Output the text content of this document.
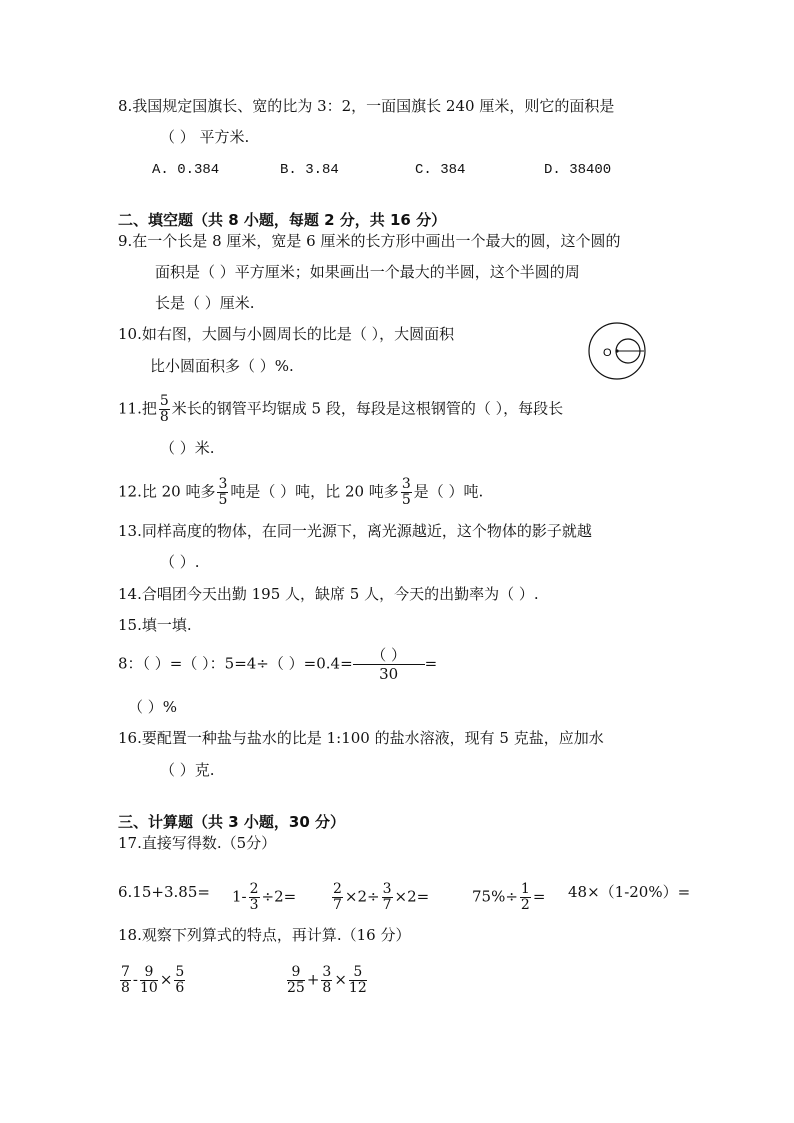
8.我国规定国旗长、宽的比为 3：2，一面国旗长 240 厘米，则它的面积是
（ ） 平方米.
A. 0.384	B. 3.84	C. 384	D. 38400
二、填空题（共 8 小题，每题 2 分，共 16 分）
9.在一个长是 8 厘米，宽是 6 厘米的长方形中画出一个最大的圆，这个圆的
面积是（ ）平方厘米；如果画出一个最大的半圆，这个半圆的周
长是（ ）厘米.
10.如右图，大圆与小圆周长的比是（ ），大圆面积
比小圆面积多（ ）%.
O
11.把 $\frac{5}{8}$ 米长的钢管平均锯成 5 段，每段是这根钢管的（ ），每段长
（ ）米.
12.比 20 吨多 $\frac{3}{5}$ 吨是（ ）吨，比 20 吨多 $\frac{3}{5}$ 是（ ）吨.
13.同样高度的物体，在同一光源下，离光源越近，这个物体的影子就越
（ ）.
14.合唱团今天出勤 195 人，缺席 5 人，今天的出勤率为（ ）.
15.填一填.
8：（ ）=（ ）：5=4÷（ ）$=0.4= \frac{( )}{30}$ =
（ ）%
16.要配置一种盐与盐水的比是 1:100 的盐水溶液，现有 5 克盐，应加水
（ ）克.
三、计算题（共 3 小题，30 分）
17.直接写得数.（5分）
$6.15+3.85= 1- \frac{2}{3} \div 2=$	$\frac{2}{7} \times 2\div \frac{3}{7} \times 2=$	$75\%\div \frac{1}{2} = 48\times(1-20\%)=$
18.观察下列算式的特点，再计算.（16 分）
$\frac{7}{8} - \frac{9}{10} \times \frac{5}{6}$	$\frac{9}{25} + \frac{3}{8} \times \frac{5}{12}$
